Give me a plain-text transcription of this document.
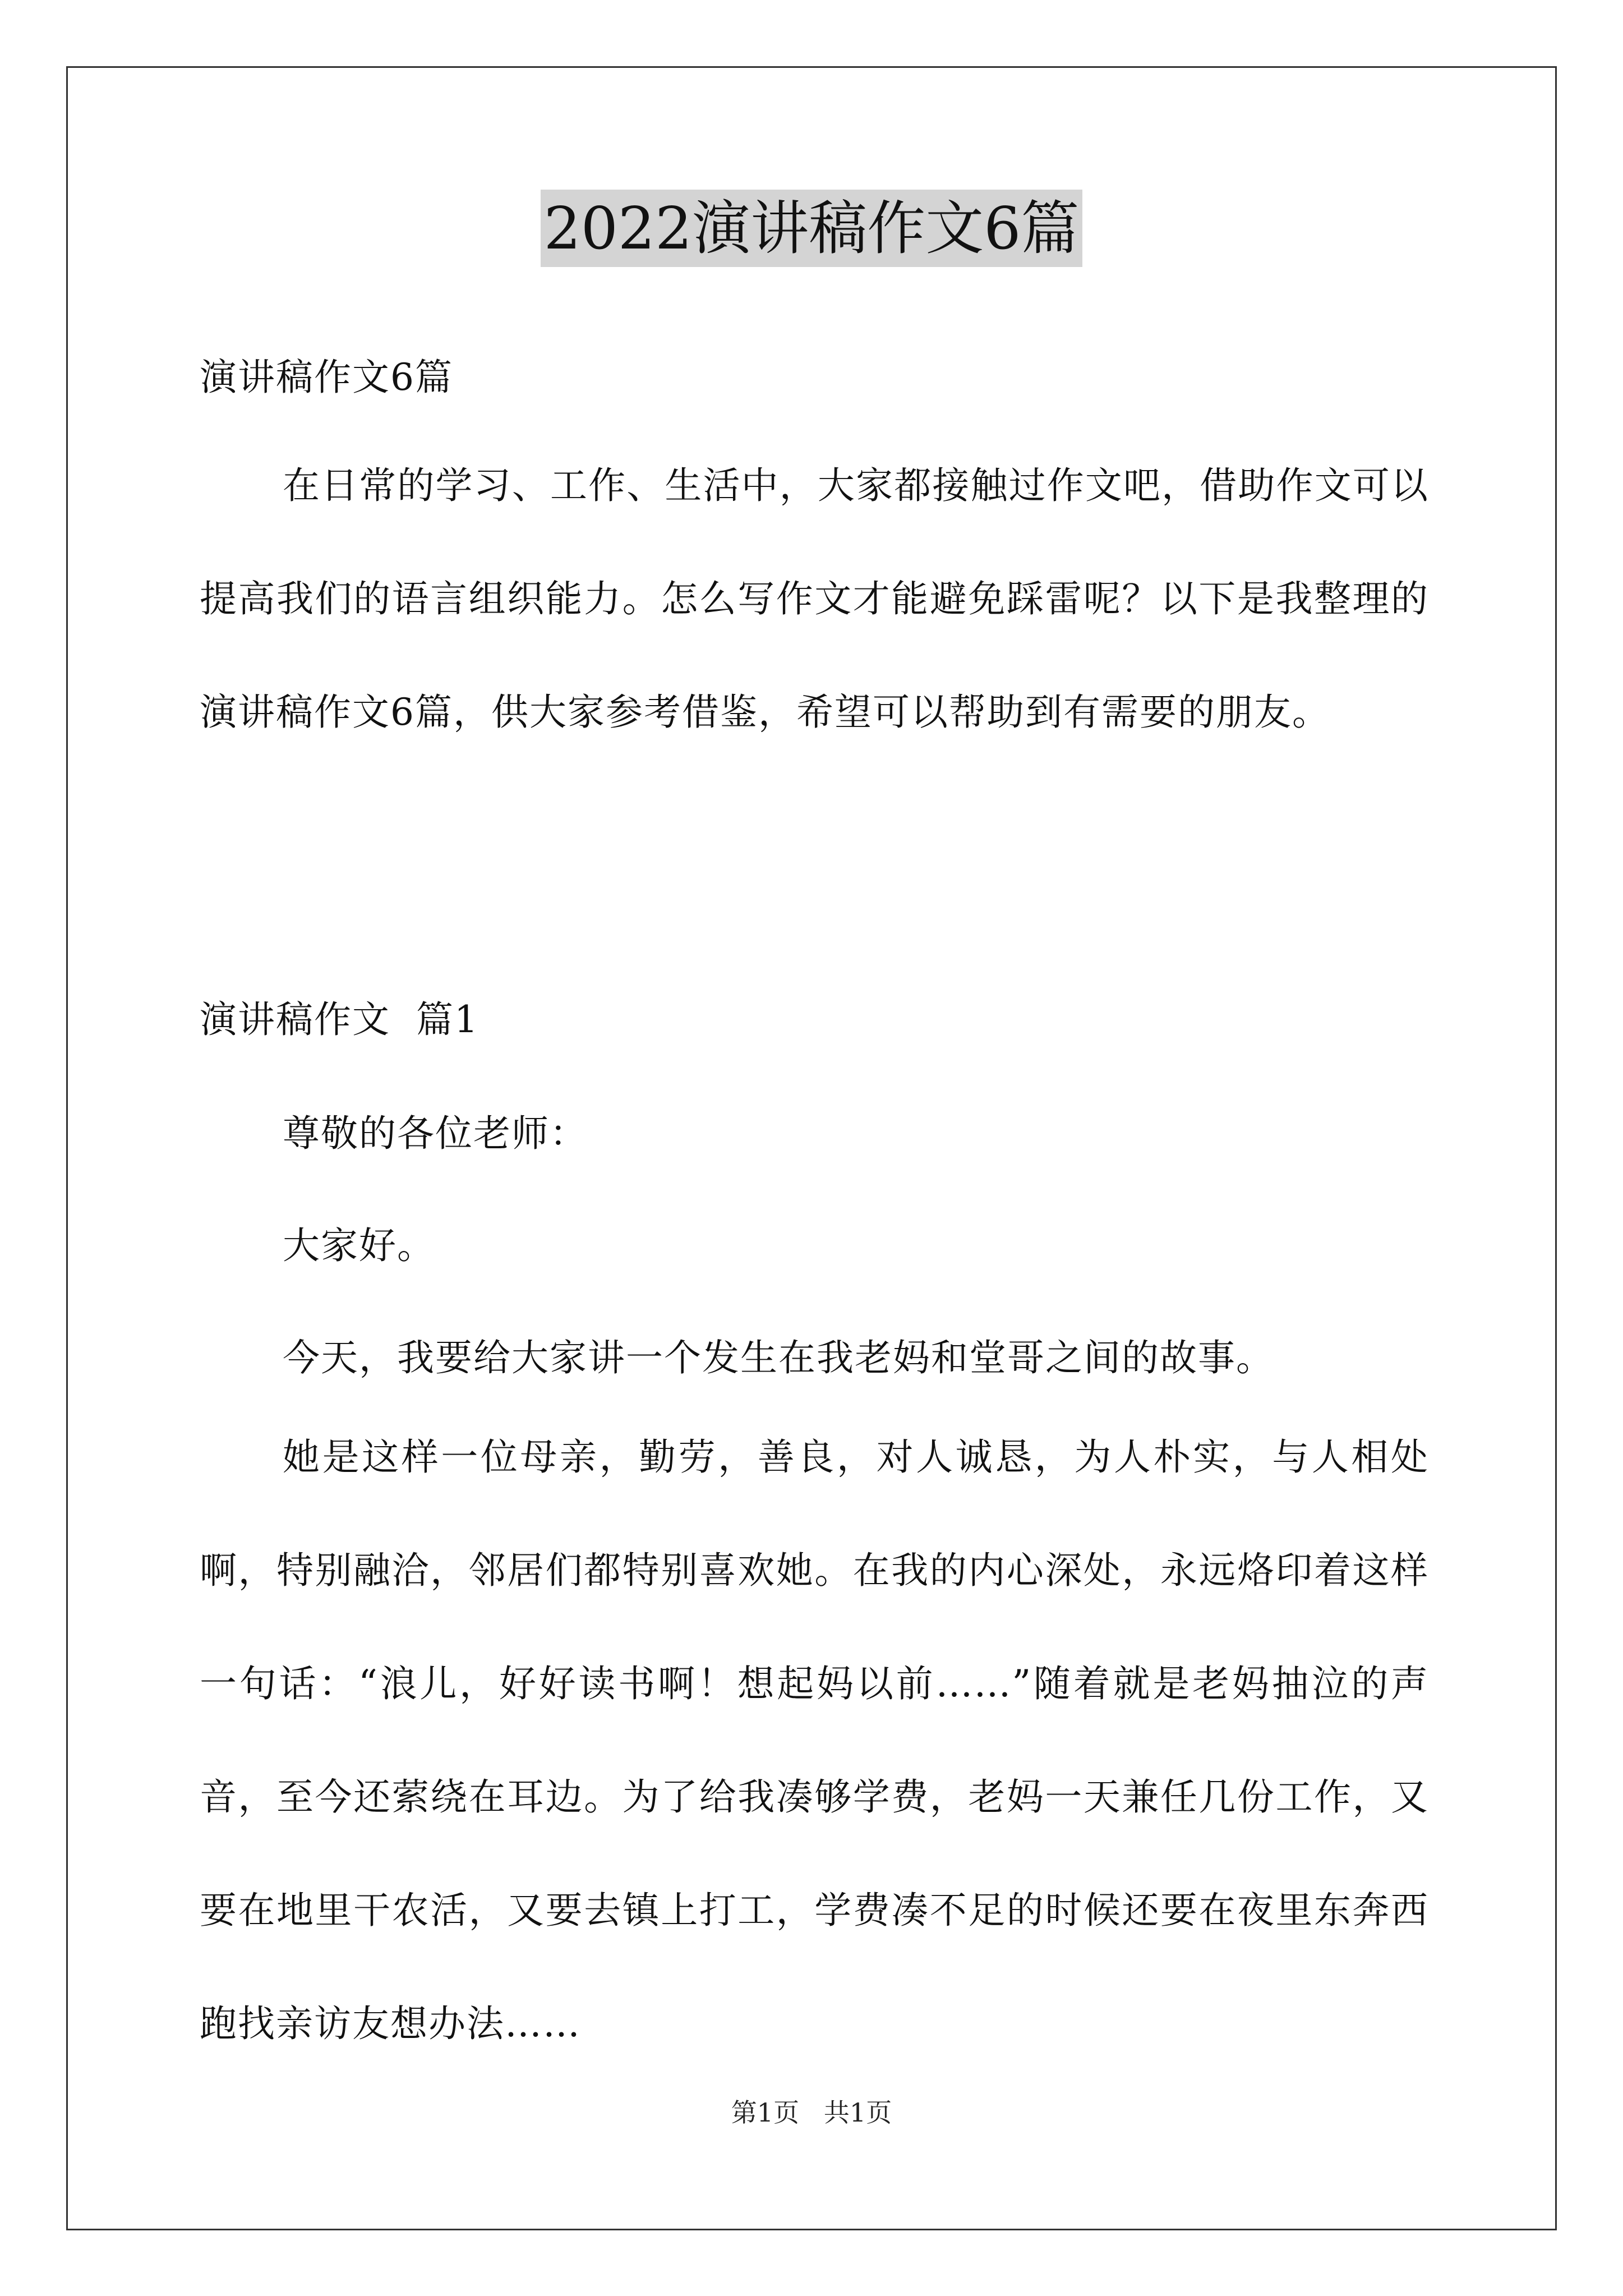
2022演讲稿作文6篇
演讲稿作文6篇

在日常的学习、工作、生活中，大家都接触过作文吧，借助作文可以提高我们的语言组织能力。怎么写作文才能避免踩雷呢？以下是我整理的演讲稿作文6篇，供大家参考借鉴，希望可以帮助到有需要的朋友。

演讲稿作文  篇1
尊敬的各位老师：
大家好。
今天，我要给大家讲一个发生在我老妈和堂哥之间的故事。

她是这样一位母亲，勤劳，善良，对人诚恳，为人朴实，与人相处啊，特别融洽，邻居们都特别喜欢她。在我的内心深处，永远烙印着这样一句话：“浪儿，好好读书啊！想起妈以前……”随着就是老妈抽泣的声音，至今还萦绕在耳边。为了给我凑够学费，老妈一天兼任几份工作，又要在地里干农活，又要去镇上打工，学费凑不足的时候还要在夜里东奔西跑找亲访友想办法……

第1页   共1页
